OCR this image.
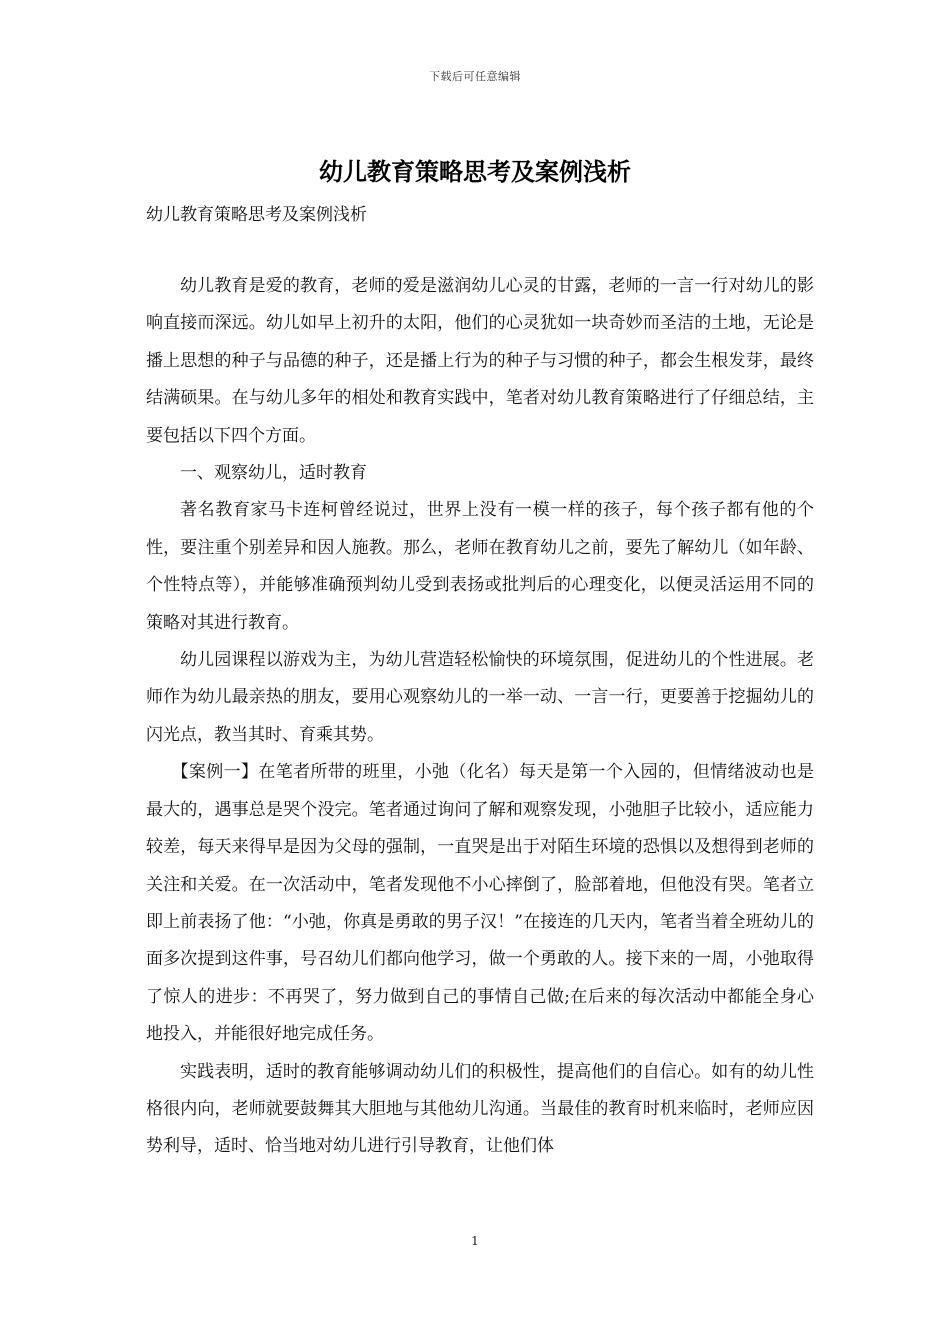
下载后可任意编辑
幼儿教育策略思考及案例浅析
幼儿教育策略思考及案例浅析

幼儿教育是爱的教育，老师的爱是滋润幼儿心灵的甘露，老师的一言一行对幼儿的影响直接而深远。幼儿如早上初升的太阳，他们的心灵犹如一块奇妙而圣洁的土地，无论是播上思想的种子与品德的种子，还是播上行为的种子与习惯的种子，都会生根发芽，最终结满硕果。在与幼儿多年的相处和教育实践中，笔者对幼儿教育策略进行了仔细总结，主要包括以下四个方面。

一、观察幼儿，适时教育

著名教育家马卡连柯曾经说过，世界上没有一模一样的孩子，每个孩子都有他的个性，要注重个别差异和因人施教。那么，老师在教育幼儿之前，要先了解幼儿（如年龄、个性特点等），并能够准确预判幼儿受到表扬或批判后的心理变化，以便灵活运用不同的策略对其进行教育。

幼儿园课程以游戏为主，为幼儿营造轻松愉快的环境氛围，促进幼儿的个性进展。老师作为幼儿最亲热的朋友，要用心观察幼儿的一举一动、一言一行，更要善于挖掘幼儿的闪光点，教当其时、育乘其势。

【案例一】在笔者所带的班里，小弛（化名）每天是第一个入园的，但情绪波动也是最大的，遇事总是哭个没完。笔者通过询问了解和观察发现，小弛胆子比较小，适应能力较差，每天来得早是因为父母的强制，一直哭是出于对陌生环境的恐惧以及想得到老师的关注和关爱。在一次活动中，笔者发现他不小心摔倒了，脸部着地，但他没有哭。笔者立即上前表扬了他：“小弛，你真是勇敢的男子汉！”在接连的几天内，笔者当着全班幼儿的面多次提到这件事，号召幼儿们都向他学习，做一个勇敢的人。接下来的一周，小弛取得了惊人的进步：不再哭了，努力做到自己的事情自己做;在后来的每次活动中都能全身心地投入，并能很好地完成任务。

实践表明，适时的教育能够调动幼儿们的积极性，提高他们的自信心。如有的幼儿性格很内向，老师就要鼓舞其大胆地与其他幼儿沟通。当最佳的教育时机来临时，老师应因势利导，适时、恰当地对幼儿进行引导教育，让他们体

1
